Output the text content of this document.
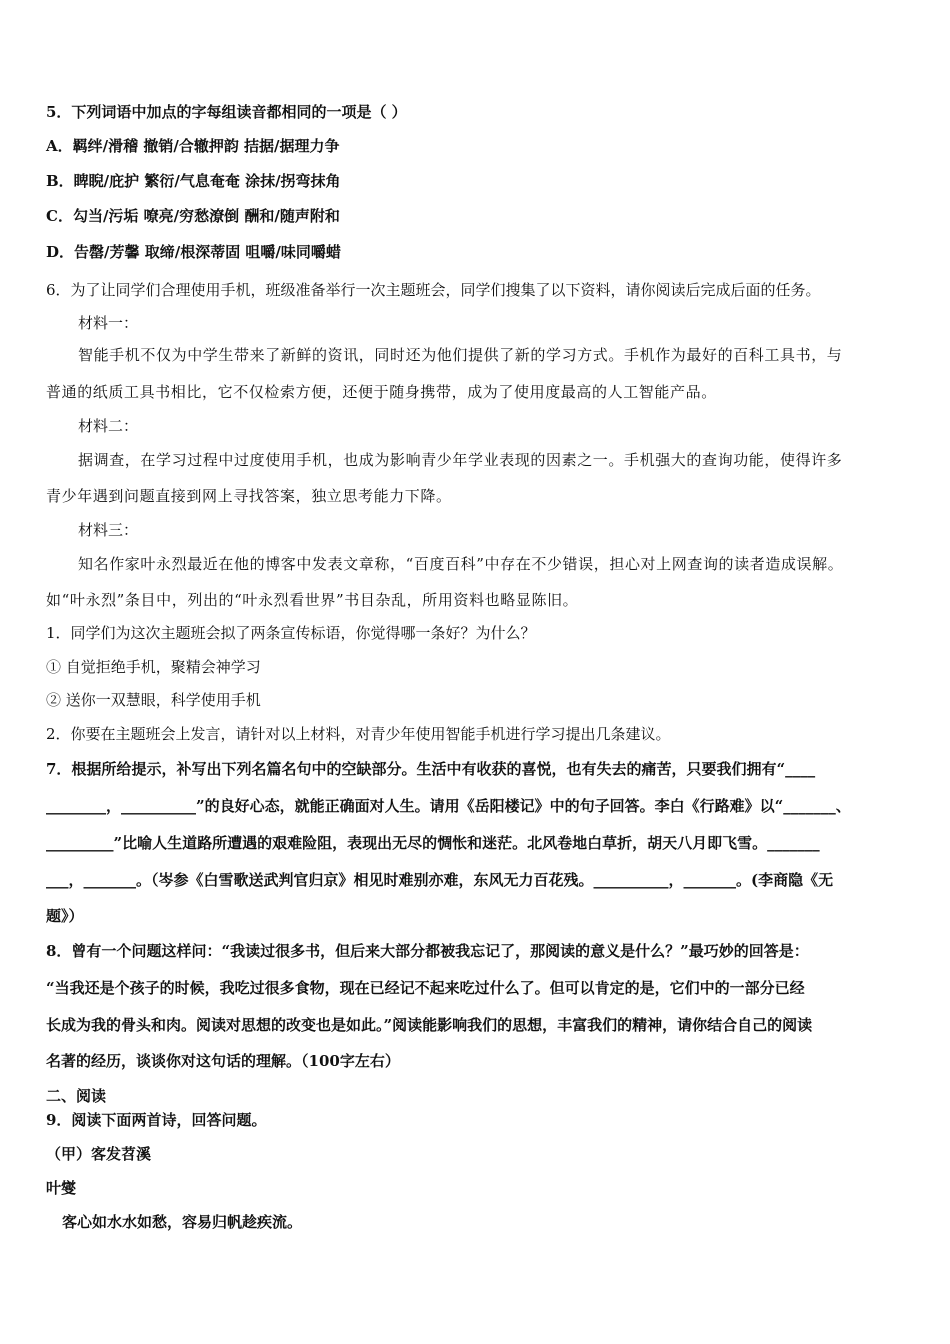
5．下列词语中加点的字每组读音都相同的一项是（ ）
A．羁绊/滑稽 撤销/合辙押韵 拮据/据理力争
B．睥睨/庇护 繁衍/气息奄奄 涂抹/拐弯抹角
C．勾当/污垢 嘹亮/穷愁潦倒 酬和/随声附和
D．告罄/芳馨 取缔/根深蒂固 咀嚼/味同嚼蜡
6．为了让同学们合理使用手机，班级准备举行一次主题班会，同学们搜集了以下资料，请你阅读后完成后面的任务。
材料一：
智能手机不仅为中学生带来了新鲜的资讯，同时还为他们提供了新的学习方式。手机作为最好的百科工具书，与
普通的纸质工具书相比，它不仅检索方便，还便于随身携带，成为了使用度最高的人工智能产品。
材料二：
据调查，在学习过程中过度使用手机，也成为影响青少年学业表现的因素之一。手机强大的查询功能，使得许多
青少年遇到问题直接到网上寻找答案，独立思考能力下降。
材料三：
知名作家叶永烈最近在他的博客中发表文章称，“百度百科”中存在不少错误，担心对上网查询的读者造成误解。
如“叶永烈”条目中，列出的“叶永烈看世界”书目杂乱，所用资料也略显陈旧。
1．同学们为这次主题班会拟了两条宣传标语，你觉得哪一条好？为什么？
① 自觉拒绝手机，聚精会神学习
② 送你一双慧眼，科学使用手机
2．你要在主题班会上发言，请针对以上材料，对青少年使用智能手机进行学习提出几条建议。
7．根据所给提示，补写出下列名篇名句中的空缺部分。生活中有收获的喜悦，也有失去的痛苦，只要我们拥有“____
________，__________”的良好心态，就能正确面对人生。请用《岳阳楼记》中的句子回答。李白《行路难》以“_______、
_________”比喻人生道路所遭遇的艰难险阻，表现出无尽的惆怅和迷茫。北风卷地白草折，胡天八月即飞雪。_______
___，_______。（岑参《白雪歌送武判官归京》相见时难别亦难，东风无力百花残。__________，_______。(李商隐《无
题》）
8．曾有一个问题这样问：“我读过很多书，但后来大部分都被我忘记了，那阅读的意义是什么？”最巧妙的回答是：
“当我还是个孩子的时候，我吃过很多食物，现在已经记不起来吃过什么了。但可以肯定的是，它们中的一部分已经
长成为我的骨头和肉。阅读对思想的改变也是如此。”阅读能影响我们的思想，丰富我们的精神，请你结合自己的阅读
名著的经历，谈谈你对这句话的理解。（100字左右）
二、阅读
9．阅读下面两首诗，回答问题。
（甲）客发苕溪
叶燮
客心如水水如愁，容易归帆趁疾流。
